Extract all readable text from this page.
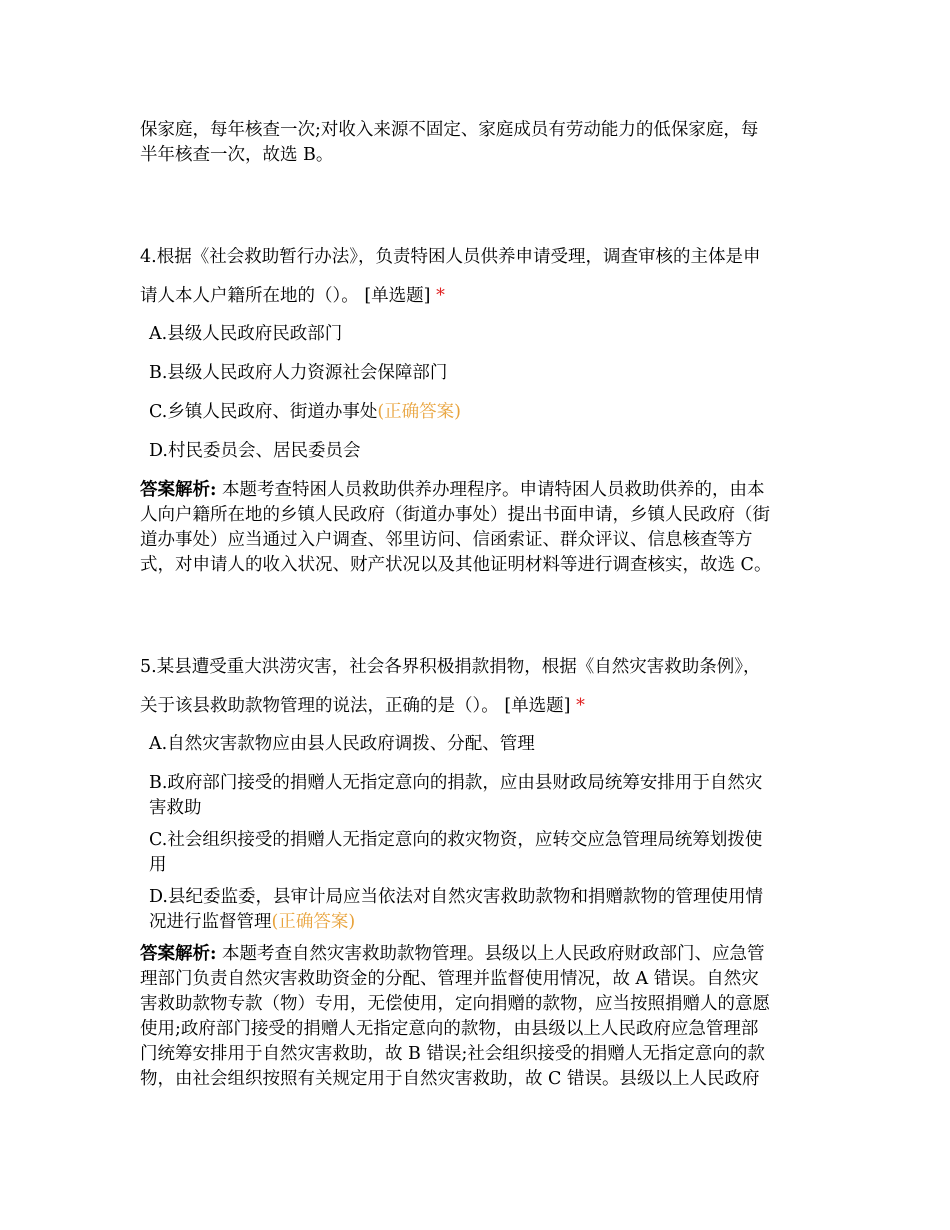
保家庭，每年核查一次;对收入来源不固定、家庭成员有劳动能力的低保家庭，每
半年核查一次，故选 B。

4.根据《社会救助暂行办法》，负责特困人员供养申请受理，调查审核的主体是申
请人本人户籍所在地的（）。 [单选题] *

A.县级人民政府民政部门

B.县级人民政府人力资源社会保障部门

C.乡镇人民政府、街道办事处(正确答案)

D.村民委员会、居民委员会

答案解析: 本题考查特困人员救助供养办理程序。申请特困人员救助供养的，由本
人向户籍所在地的乡镇人民政府（街道办事处）提出书面申请，乡镇人民政府（街
道办事处）应当通过入户调查、邻里访问、信函索证、群众评议、信息核查等方
式，对申请人的收入状况、财产状况以及其他证明材料等进行调查核实，故选 C。

5.某县遭受重大洪涝灾害，社会各界积极捐款捐物，根据《自然灾害救助条例》，
关于该县救助款物管理的说法，正确的是（）。 [单选题] *

A.自然灾害款物应由县人民政府调拨、分配、管理

B.政府部门接受的捐赠人无指定意向的捐款，应由县财政局统筹安排用于自然灾
害救助

C.社会组织接受的捐赠人无指定意向的救灾物资，应转交应急管理局统筹划拨使
用

D.县纪委监委，县审计局应当依法对自然灾害救助款物和捐赠款物的管理使用情
况进行监督管理(正确答案)

答案解析: 本题考查自然灾害救助款物管理。县级以上人民政府财政部门、应急管
理部门负责自然灾害救助资金的分配、管理并监督使用情况，故 A 错误。自然灾
害救助款物专款（物）专用，无偿使用，定向捐赠的款物，应当按照捐赠人的意愿
使用;政府部门接受的捐赠人无指定意向的款物，由县级以上人民政府应急管理部
门统筹安排用于自然灾害救助，故 B 错误;社会组织接受的捐赠人无指定意向的款
物，由社会组织按照有关规定用于自然灾害救助，故 C 错误。县级以上人民政府
